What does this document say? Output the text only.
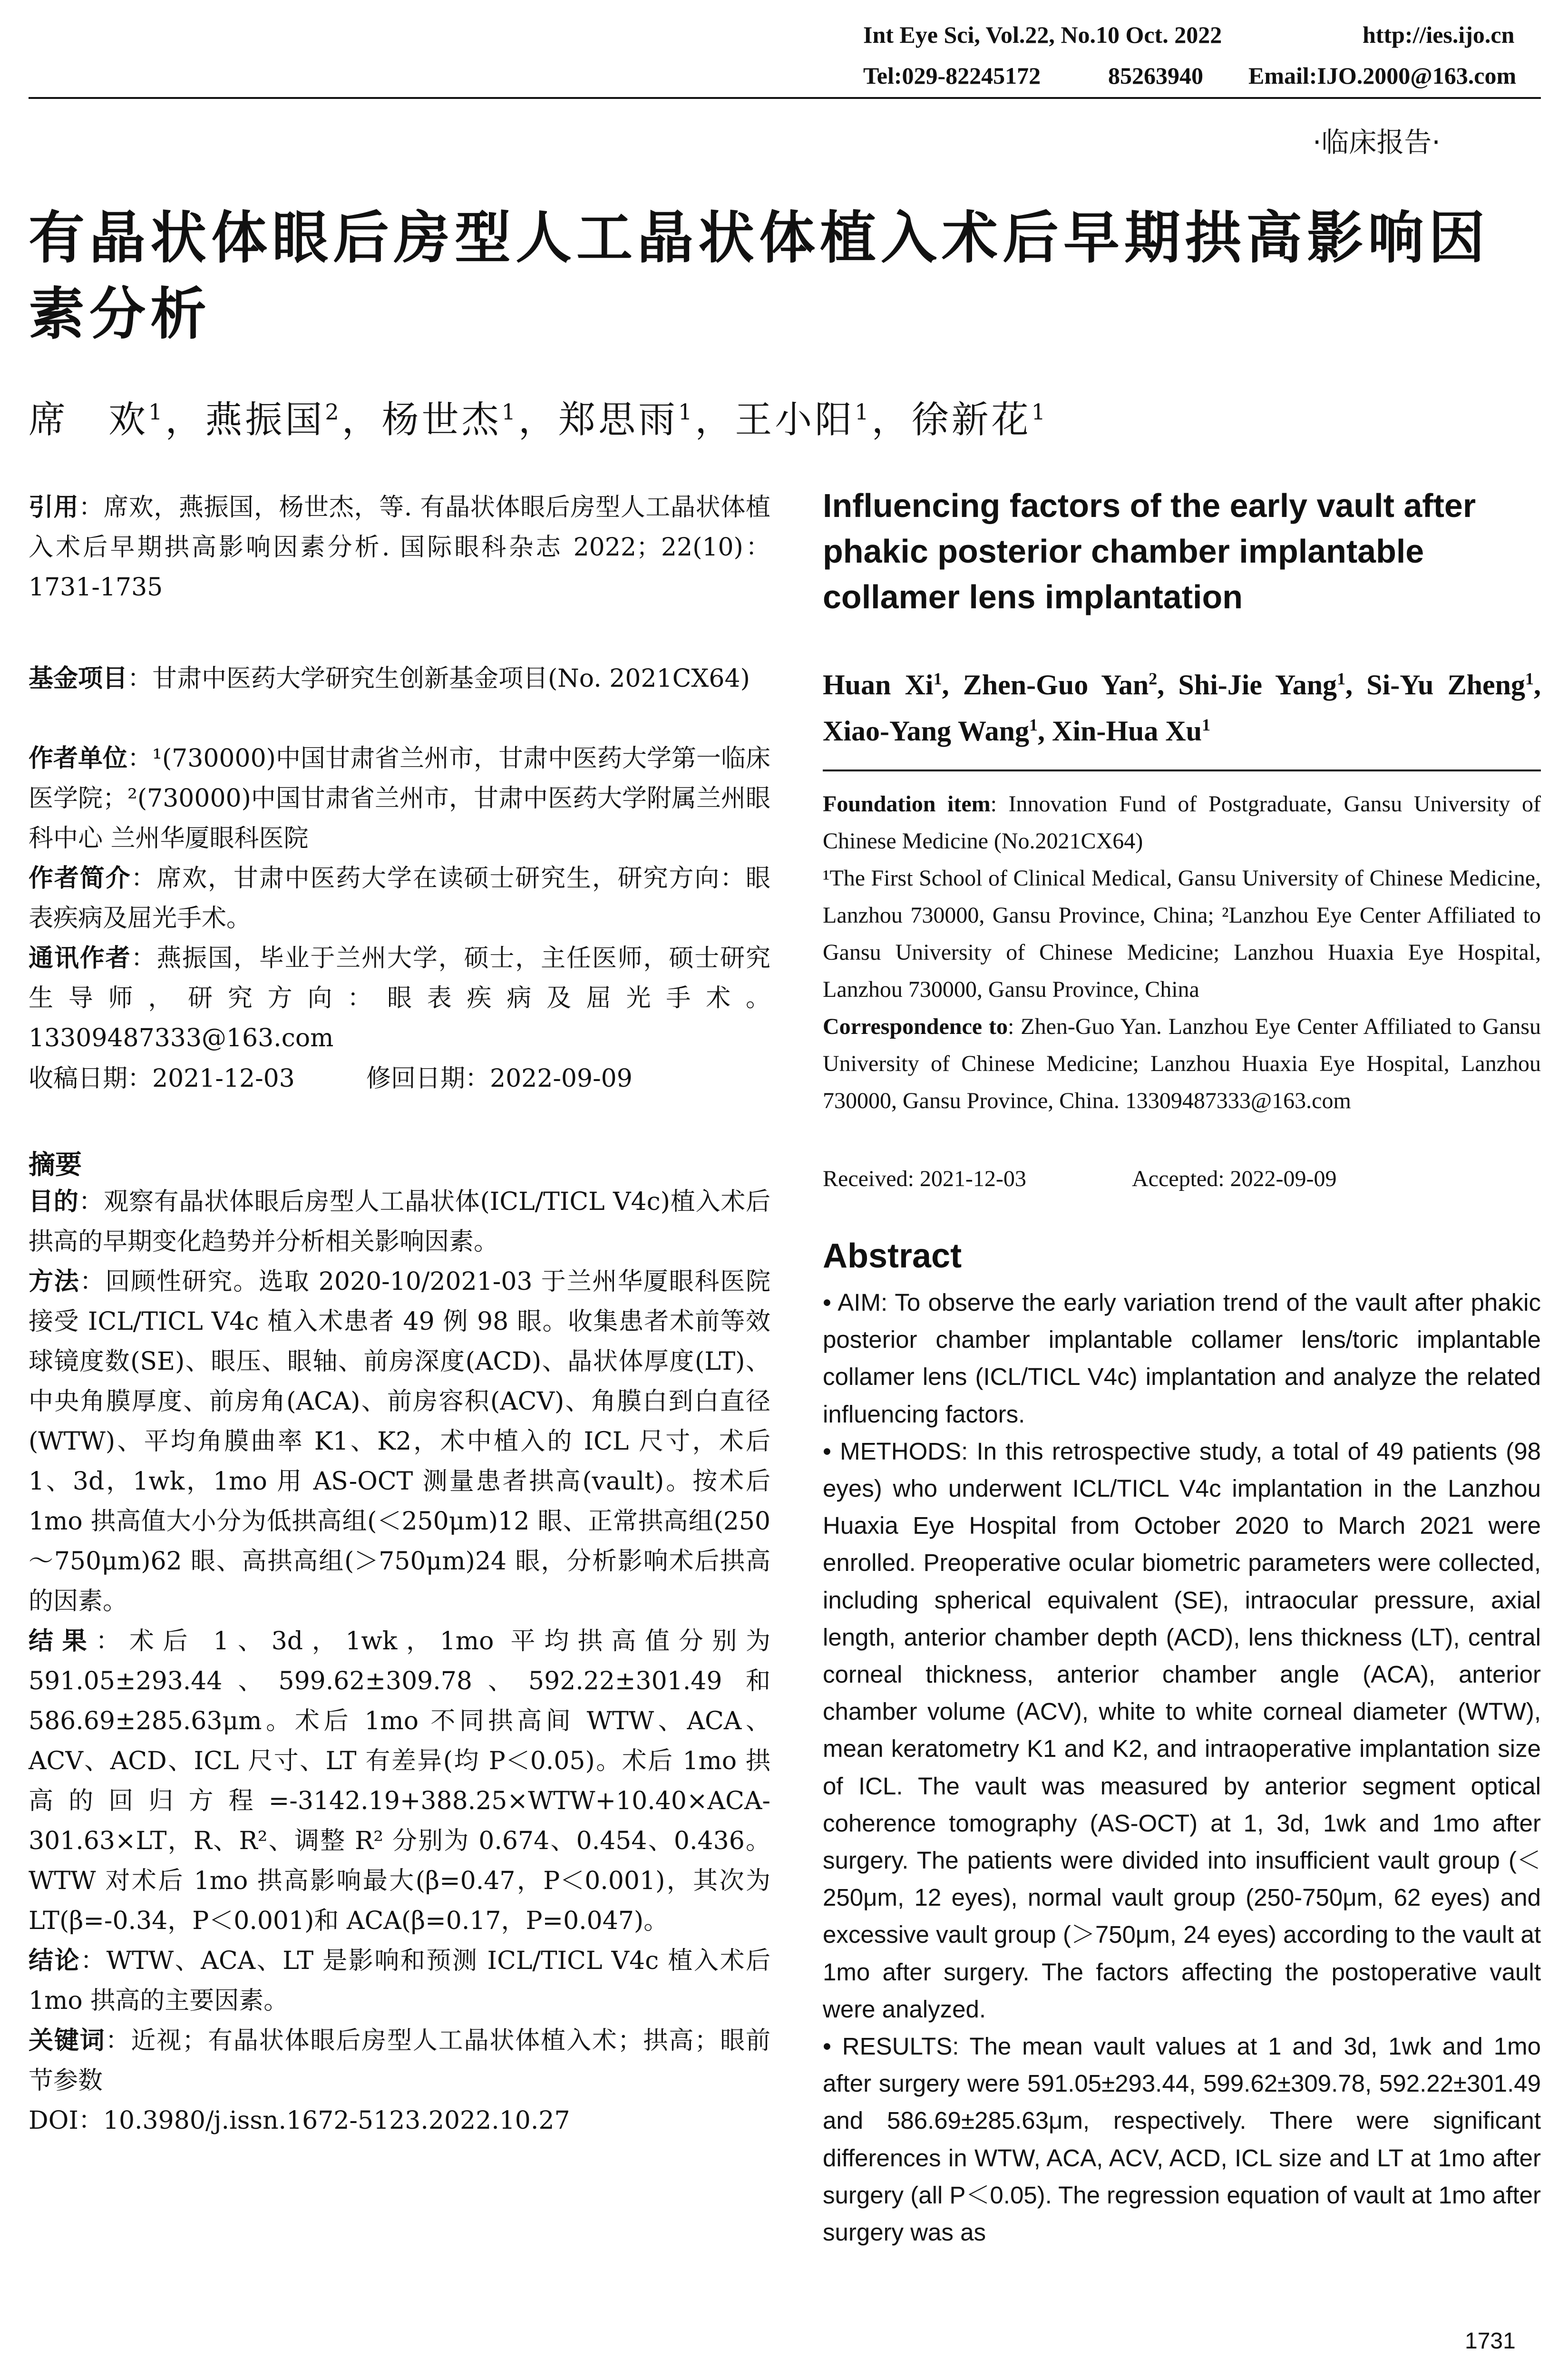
Int Eye Sci, Vol.22, No.10 Oct. 2022	http://ies.ijo.cn
Tel:029-82245172	85263940 Email:IJO.2000@163.com
·临床报告·
有晶状体眼后房型人工晶状体植入术后早期拱高影响因素分析
席　欢$^1$，燕振国$^2$，杨世杰$^1$，郑思雨$^1$，王小阳$^1$，徐新花$^1$
引用：席欢，燕振国，杨世杰，等. 有晶状体眼后房型人工晶状体植入术后早期拱高影响因素分析. 国际眼科杂志 2022；22(10)：1731-1735
基金项目：甘肃中医药大学研究生创新基金项目(No. 2021CX64)
作者单位：¹(730000)中国甘肃省兰州市，甘肃中医药大学第一临床医学院；²(730000)中国甘肃省兰州市，甘肃中医药大学附属兰州眼科中心 兰州华厦眼科医院
作者简介：席欢，甘肃中医药大学在读硕士研究生，研究方向：眼表疾病及屈光手术。
通讯作者：燕振国，毕业于兰州大学，硕士，主任医师，硕士研究生导师，研究方向：眼表疾病及屈光手术。13309487333@163.com
收稿日期：2021-12-03	修回日期：2022-09-09
摘要

目的：观察有晶状体眼后房型人工晶状体(ICL/TICL V4c)植入术后拱高的早期变化趋势并分析相关影响因素。

方法：回顾性研究。选取 2020-10/2021-03 于兰州华厦眼科医院接受 ICL/TICL V4c 植入术患者 49 例 98 眼。收集患者术前等效球镜度数(SE)、眼压、眼轴、前房深度(ACD)、晶状体厚度(LT)、中央角膜厚度、前房角(ACA)、前房容积(ACV)、角膜白到白直径(WTW)、平均角膜曲率 K1、K2，术中植入的 ICL 尺寸，术后 1、3d，1wk，1mo 用 AS-OCT 测量患者拱高(vault)。按术后 1mo 拱高值大小分为低拱高组(＜250μm)12 眼、正常拱高组(250～750μm)62 眼、高拱高组(＞750μm)24 眼，分析影响术后拱高的因素。

结果：术后 1、3d，1wk，1mo 平均拱高值分别为 591.05±293.44、599.62±309.78、592.22±301.49 和 586.69±285.63μm。术后 1mo 不同拱高间 WTW、ACA、ACV、ACD、ICL 尺寸、LT 有差异(均 P＜0.05)。术后 1mo 拱高的回归方程=-3142.19+388.25×WTW+10.40×ACA-301.63×LT，R、R²、调整 R² 分别为 0.674、0.454、0.436。WTW 对术后 1mo 拱高影响最大(β=0.47，P＜0.001)，其次为 LT(β=-0.34，P＜0.001)和 ACA(β=0.17，P=0.047)。

结论：WTW、ACA、LT 是影响和预测 ICL/TICL V4c 植入术后 1mo 拱高的主要因素。

关键词：近视；有晶状体眼后房型人工晶状体植入术；拱高；眼前节参数

DOI：10.3980/j.issn.1672-5123.2022.10.27

Influencing factors of the early vault after phakic posterior chamber implantable collamer lens implantation
Huan Xi$^1$, Zhen-Guo Yan$^2$, Shi-Jie Yang$^1$, Si-Yu Zheng$^1$, Xiao-Yang Wang$^1$, Xin-Hua Xu$^1$

Foundation item: Innovation Fund of Postgraduate, Gansu University of Chinese Medicine (No.2021CX64)

¹The First School of Clinical Medical, Gansu University of Chinese Medicine, Lanzhou 730000, Gansu Province, China; ²Lanzhou Eye Center Affiliated to Gansu University of Chinese Medicine; Lanzhou Huaxia Eye Hospital, Lanzhou 730000, Gansu Province, China

Correspondence to: Zhen-Guo Yan. Lanzhou Eye Center Affiliated to Gansu University of Chinese Medicine; Lanzhou Huaxia Eye Hospital, Lanzhou 730000, Gansu Province, China. 13309487333@163.com

Received: 2021-12-03	Accepted: 2022-09-09
Abstract

• AIM: To observe the early variation trend of the vault after phakic posterior chamber implantable collamer lens/toric implantable collamer lens (ICL/TICL V4c) implantation and analyze the related influencing factors.

• METHODS: In this retrospective study, a total of 49 patients (98 eyes) who underwent ICL/TICL V4c implantation in the Lanzhou Huaxia Eye Hospital from October 2020 to March 2021 were enrolled. Preoperative ocular biometric parameters were collected, including spherical equivalent (SE), intraocular pressure, axial length, anterior chamber depth (ACD), lens thickness (LT), central corneal thickness, anterior chamber angle (ACA), anterior chamber volume (ACV), white to white corneal diameter (WTW), mean keratometry K1 and K2, and intraoperative implantation size of ICL. The vault was measured by anterior segment optical coherence tomography (AS-OCT) at 1, 3d, 1wk and 1mo after surgery. The patients were divided into insufficient vault group (＜250μm, 12 eyes), normal vault group (250-750μm, 62 eyes) and excessive vault group (＞750μm, 24 eyes) according to the vault at 1mo after surgery. The factors affecting the postoperative vault were analyzed.

• RESULTS: The mean vault values at 1 and 3d, 1wk and 1mo after surgery were 591.05±293.44, 599.62±309.78, 592.22±301.49 and 586.69±285.63μm, respectively. There were significant differences in WTW, ACA, ACV, ACD, ICL size and LT at 1mo after surgery (all P＜0.05). The regression equation of vault at 1mo after surgery was as

1731
